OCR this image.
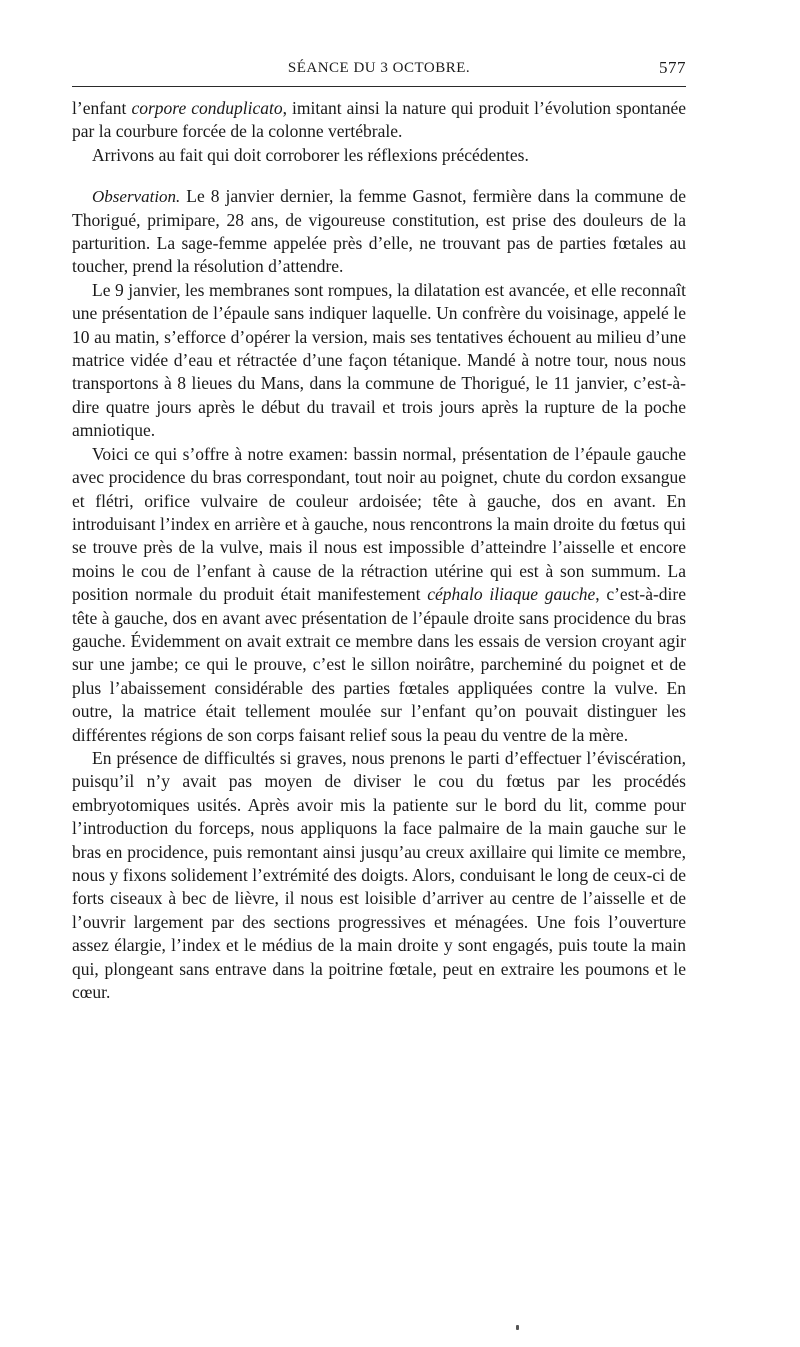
SÉANCE DU 3 OCTOBRE.	577

l’enfant corpore conduplicato, imitant ainsi la nature qui produit l’évolution spontanée par la courbure forcée de la colonne vertébrale.

Arrivons au fait qui doit corroborer les réflexions précédentes.

Observation. Le 8 janvier dernier, la femme Gasnot, fermière dans la commune de Thorigué, primipare, 28 ans, de vigoureuse constitution, est prise des douleurs de la parturition. La sage-femme appelée près d’elle, ne trouvant pas de parties fœtales au toucher, prend la résolution d’attendre.

Le 9 janvier, les membranes sont rompues, la dilatation est avancée, et elle reconnaît une présentation de l’épaule sans indiquer laquelle. Un confrère du voisinage, appelé le 10 au matin, s’efforce d’opérer la version, mais ses tentatives échouent au milieu d’une matrice vidée d’eau et rétractée d’une façon tétanique. Mandé à notre tour, nous nous transportons à 8 lieues du Mans, dans la commune de Thorigué, le 11 janvier, c’est-à-dire quatre jours après le début du travail et trois jours après la rupture de la poche amniotique.

Voici ce qui s’offre à notre examen: bassin normal, présentation de l’épaule gauche avec procidence du bras correspondant, tout noir au poignet, chute du cordon exsangue et flétri, orifice vulvaire de couleur ardoisée; tête à gauche, dos en avant. En introduisant l’index en arrière et à gauche, nous rencontrons la main droite du fœtus qui se trouve près de la vulve, mais il nous est impossible d’atteindre l’aisselle et encore moins le cou de l’enfant à cause de la rétraction utérine qui est à son summum. La position normale du produit était manifestement céphalo iliaque gauche, c’est-à-dire tête à gauche, dos en avant avec présentation de l’épaule droite sans procidence du bras gauche. Évidemment on avait extrait ce membre dans les essais de version croyant agir sur une jambe; ce qui le prouve, c’est le sillon noirâtre, parcheminé du poignet et de plus l’abaissement considérable des parties fœtales appliquées contre la vulve. En outre, la matrice était tellement moulée sur l’enfant qu’on pouvait distinguer les différentes régions de son corps faisant relief sous la peau du ventre de la mère.

En présence de difficultés si graves, nous prenons le parti d’effectuer l’éviscération, puisqu’il n’y avait pas moyen de diviser le cou du fœtus par les procédés embryotomiques usités. Après avoir mis la patiente sur le bord du lit, comme pour l’introduction du forceps, nous appliquons la face palmaire de la main gauche sur le bras en procidence, puis remontant ainsi jusqu’au creux axillaire qui limite ce membre, nous y fixons solidement l’extrémité des doigts. Alors, conduisant le long de ceux-ci de forts ciseaux à bec de lièvre, il nous est loisible d’arriver au centre de l’aisselle et de l’ouvrir largement par des sections progressives et ménagées. Une fois l’ouverture assez élargie, l’index et le médius de la main droite y sont engagés, puis toute la main qui, plongeant sans entrave dans la poitrine fœtale, peut en extraire les poumons et le cœur.
